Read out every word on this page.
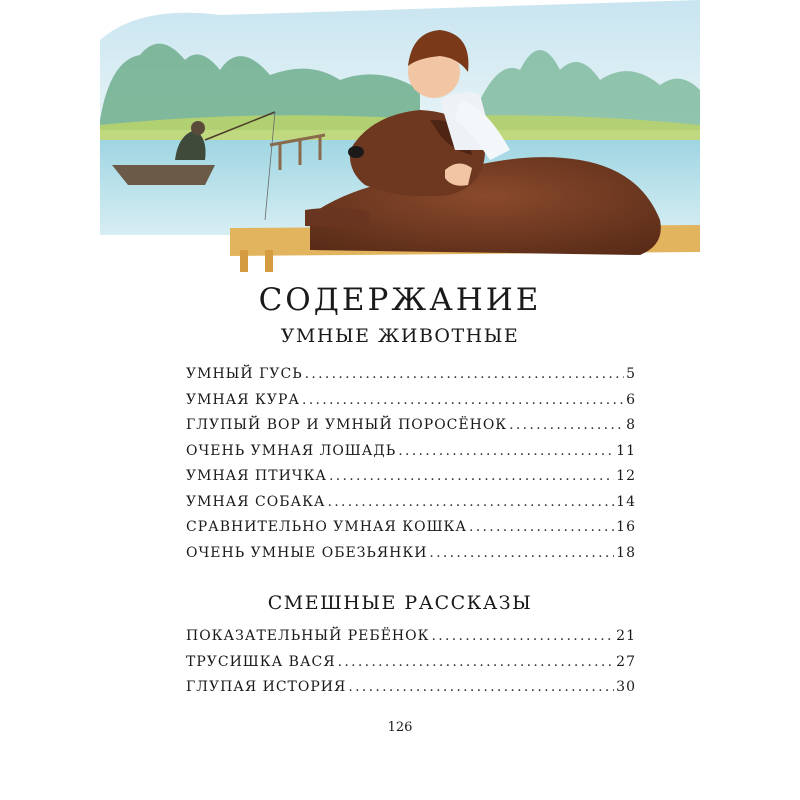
СОДЕРЖАНИЕ
УМНЫЕ ЖИВОТНЫЕ
УМНЫЙ ГУСЬ .....	5
УМНАЯ КУРА .....	6
ГЛУПЫЙ ВОР И УМНЫЙ ПОРОСЁНОК .....	8
ОЧЕНЬ УМНАЯ ЛОШАДЬ .....	11
УМНАЯ ПТИЧКА .....	12
УМНАЯ СОБАКА .....	14
СРАВНИТЕЛЬНО УМНАЯ КОШКА .....	16
ОЧЕНЬ УМНЫЕ ОБЕЗЬЯНКИ .....	18
СМЕШНЫЕ РАССКАЗЫ
ПОКАЗАТЕЛЬНЫЙ РЕБЁНОК .....	21
ТРУСИШКА ВАСЯ .....	27
ГЛУПАЯ ИСТОРИЯ .....	30
126
